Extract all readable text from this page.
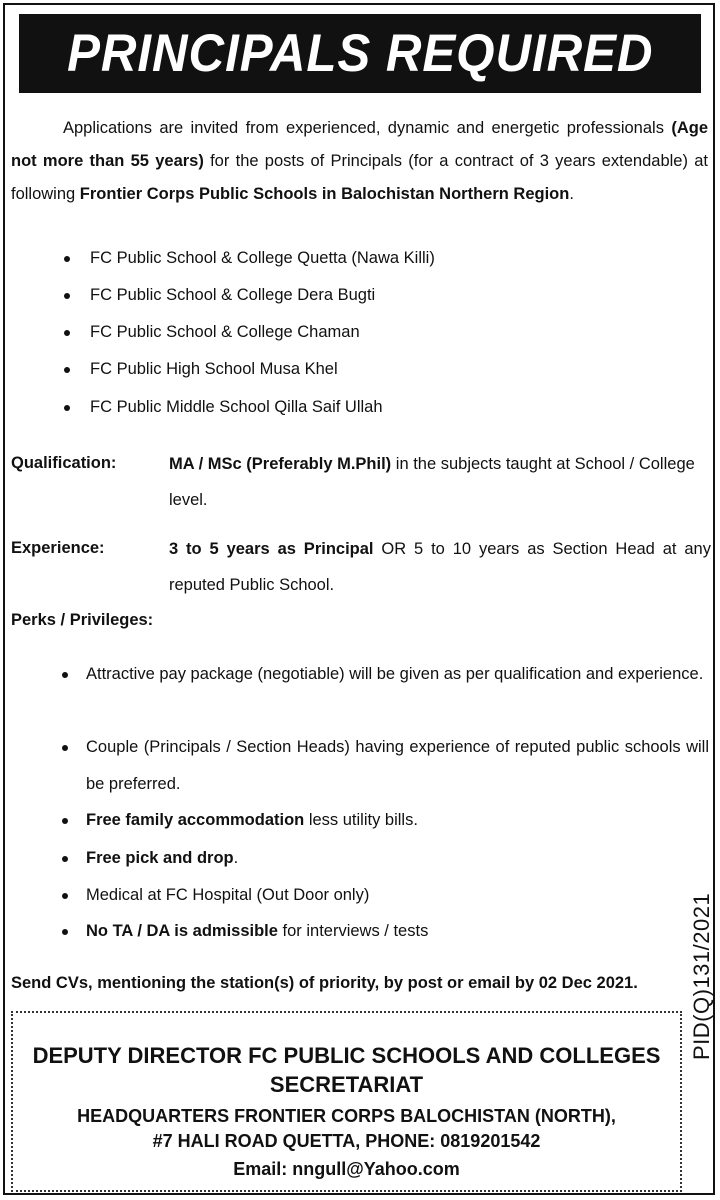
PRINCIPALS REQUIRED

Applications are invited from experienced, dynamic and energetic professionals (Age not more than 55 years) for the posts of Principals (for a contract of 3 years extendable) at following Frontier Corps Public Schools in Balochistan Northern Region.

FC Public School & College Quetta (Nawa Killi)
FC Public School & College Dera Bugti
FC Public School & College Chaman
FC Public High School Musa Khel
FC Public Middle School Qilla Saif Ullah
Qualification:	MA / MSc (Preferably M.Phil) in the subjects taught at School / College level.
Experience:	3 to 5 years as Principal OR 5 to 10 years as Section Head at any reputed Public School.
Perks / Privileges:
Attractive pay package (negotiable) will be given as per qualification and experience.
Couple (Principals / Section Heads) having experience of reputed public schools will be preferred.
Free family accommodation less utility bills.
Free pick and drop.
Medical at FC Hospital (Out Door only)
No TA / DA is admissible for interviews / tests
Send CVs, mentioning the station(s) of priority, by post or email by 02 Dec 2021. PID(Q)131/2021
DEPUTY DIRECTOR FC PUBLIC SCHOOLS AND COLLEGES
SECRETARIAT
HEADQUARTERS FRONTIER CORPS BALOCHISTAN (NORTH),
#7 HALI ROAD QUETTA, PHONE: 0819201542
Email: nngull@Yahoo.com
